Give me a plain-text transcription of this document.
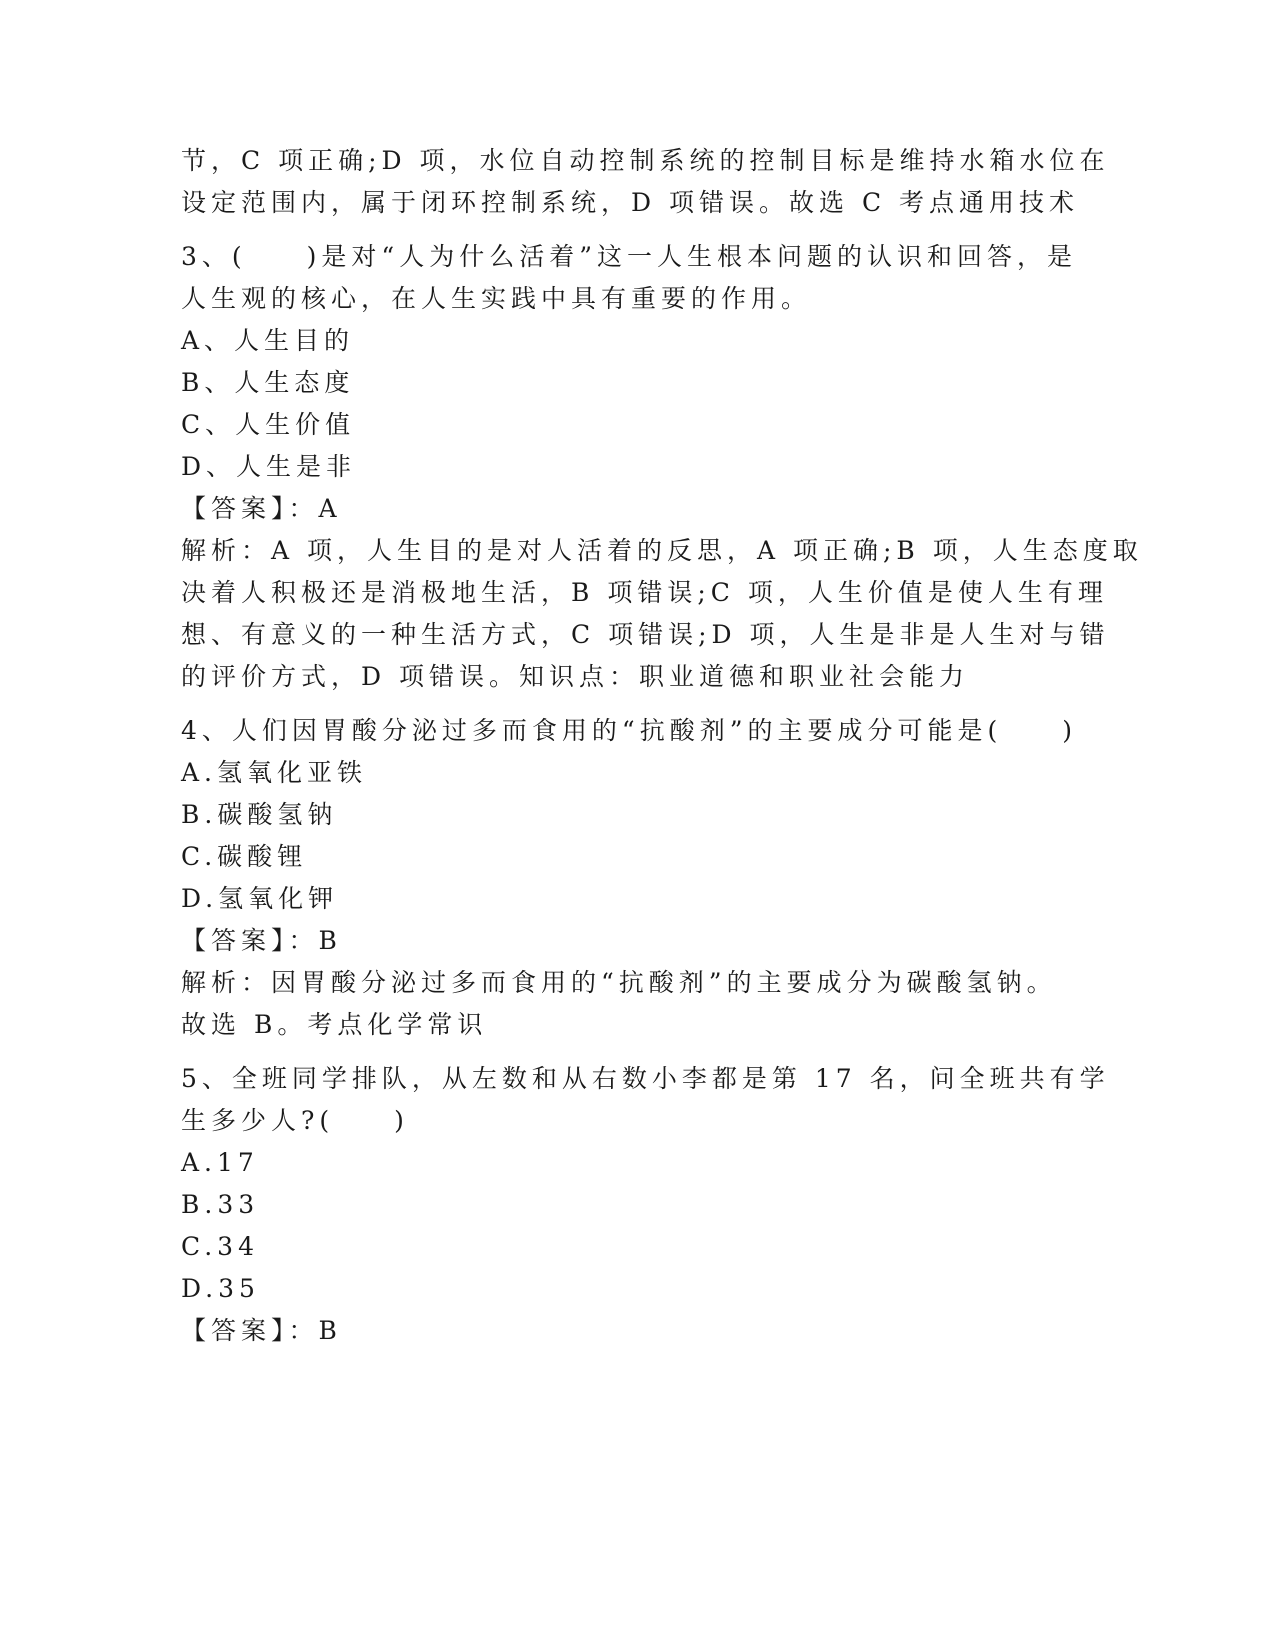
节，C 项正确;D 项，水位自动控制系统的控制目标是维持水箱水位在
设定范围内，属于闭环控制系统，D 项错误。故选 C 考点通用技术
3、(　　)是对“人为什么活着”这一人生根本问题的认识和回答，是
人生观的核心，在人生实践中具有重要的作用。
A、人生目的
B、人生态度
C、人生价值
D、人生是非
【答案】：A
解析：A 项，人生目的是对人活着的反思，A 项正确;B 项，人生态度取
决着人积极还是消极地生活，B 项错误;C 项，人生价值是使人生有理
想、有意义的一种生活方式，C 项错误;D 项，人生是非是人生对与错
的评价方式，D 项错误。知识点：职业道德和职业社会能力
4、人们因胃酸分泌过多而食用的“抗酸剂”的主要成分可能是(　　)
A.氢氧化亚铁
B.碳酸氢钠
C.碳酸锂
D.氢氧化钾
【答案】：B
解析：因胃酸分泌过多而食用的“抗酸剂”的主要成分为碳酸氢钠。
故选 B。考点化学常识
5、全班同学排队，从左数和从右数小李都是第 17 名，问全班共有学
生多少人?(　　)
A.17
B.33
C.34
D.35
【答案】：B
